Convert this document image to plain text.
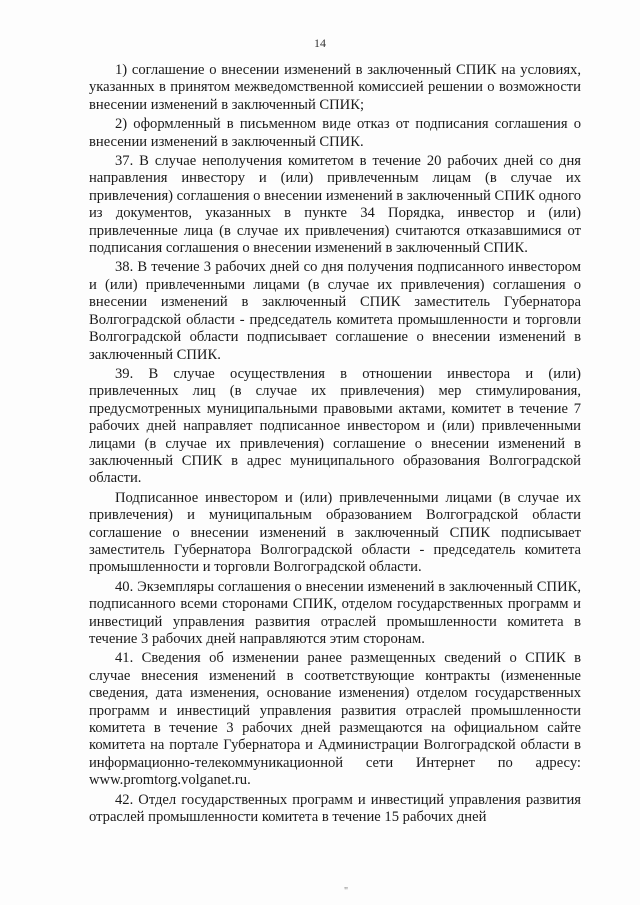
14

1) соглашение о внесении изменений в заключенный СПИК на условиях, указанных в принятом межведомственной комиссией решении о возможности внесении изменений в заключенный СПИК;

2) оформленный в письменном виде отказ от подписания соглашения о внесении изменений в заключенный СПИК.

37. В случае неполучения комитетом в течение 20 рабочих дней со дня направления инвестору и (или) привлеченным лицам (в случае их привлечения) соглашения о внесении изменений в заключенный СПИК одного из документов, указанных в пункте 34 Порядка, инвестор и (или) привлеченные лица (в случае их привлечения) считаются отказавшимися от подписания соглашения о внесении изменений в заключенный СПИК.

38. В течение 3 рабочих дней со дня получения подписанного инвестором и (или) привлеченными лицами (в случае их привлечения) соглашения о внесении изменений в заключенный СПИК заместитель Губернатора Волгоградской области - председатель комитета промышленности и торговли Волгоградской области подписывает соглашение о внесении изменений в заключенный СПИК.

39. В случае осуществления в отношении инвестора и (или) привлеченных лиц (в случае их привлечения) мер стимулирования, предусмотренных муниципальными правовыми актами, комитет в течение 7 рабочих дней направляет подписанное инвестором и (или) привлеченными лицами (в случае их привлечения) соглашение о внесении изменений в заключенный СПИК в адрес муниципального образования Волгоградской области.

Подписанное инвестором и (или) привлеченными лицами (в случае их привлечения) и муниципальным образованием Волгоградской области соглашение о внесении изменений в заключенный СПИК подписывает заместитель Губернатора Волгоградской области - председатель комитета промышленности и торговли Волгоградской области.

40. Экземпляры соглашения о внесении изменений в заключенный СПИК, подписанного всеми сторонами СПИК, отделом государственных программ и инвестиций управления развития отраслей промышленности комитета в течение 3 рабочих дней направляются этим сторонам.

41. Сведения об изменении ранее размещенных сведений о СПИК в случае внесения изменений в соответствующие контракты (измененные сведения, дата изменения, основание изменения) отделом государственных программ и инвестиций управления развития отраслей промышленности комитета в течение 3 рабочих дней размещаются на официальном сайте комитета на портале Губернатора и Администрации Волгоградской области в информационно-телекоммуникационной сети Интернет по адресу: www.promtorg.volganet.ru.

42. Отдел государственных программ и инвестиций управления развития отраслей промышленности комитета в течение 15 рабочих дней

"
